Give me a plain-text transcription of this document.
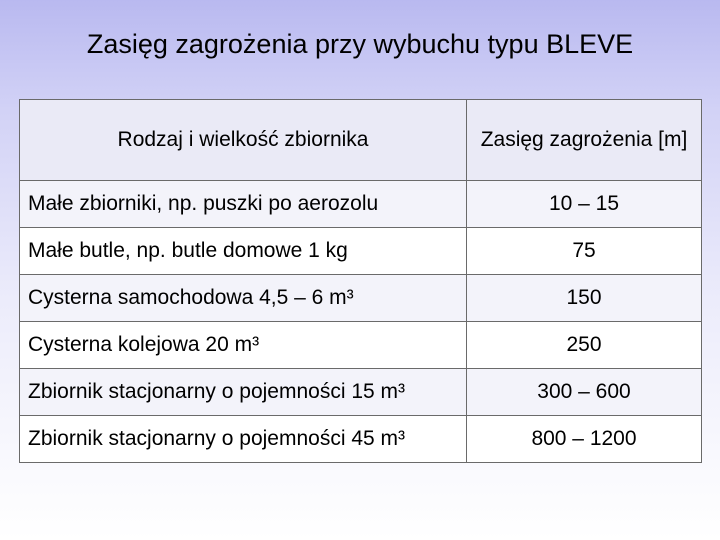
Zasięg zagrożenia przy wybuchu typu BLEVE
Rodzaj i wielkość zbiornika	Zasięg zagrożenia [m]
Małe zbiorniki, np. puszki po aerozolu	10 – 15
Małe butle, np. butle domowe 1 kg	75
Cysterna samochodowa 4,5 – 6 m³	150
Cysterna kolejowa 20 m³	250
Zbiornik stacjonarny o pojemności 15 m³	300 – 600
Zbiornik stacjonarny o pojemności 45 m³	800 – 1200
